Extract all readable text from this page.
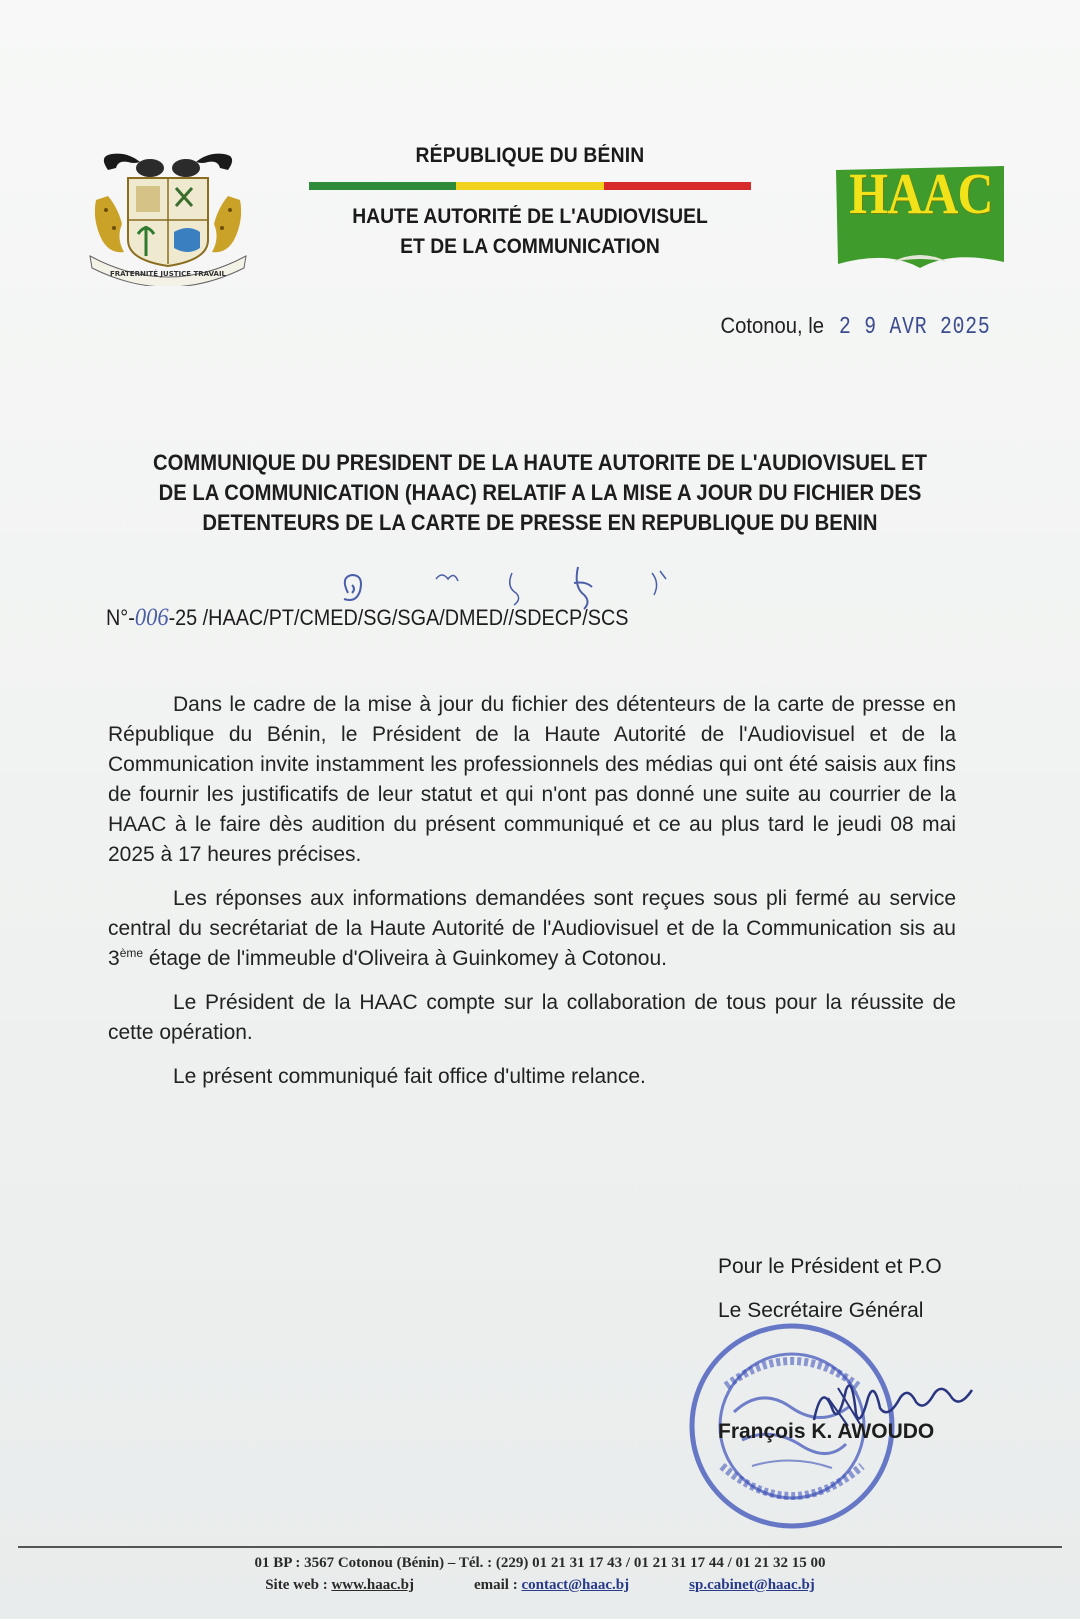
FRATERNITÉ JUSTICE TRAVAIL
RÉPUBLIQUE DU BÉNIN
HAUTE AUTORITÉ DE L'AUDIOVISUEL
ET DE LA COMMUNICATION
HAAC
Cotonou, le 2 9 AVR 2025
COMMUNIQUE DU PRESIDENT DE LA HAUTE AUTORITE DE L'AUDIOVISUEL ET
DE LA COMMUNICATION (HAAC) RELATIF A LA MISE A JOUR DU FICHIER DES
DETENTEURS DE LA CARTE DE PRESSE EN REPUBLIQUE DU BENIN
N°-006-25 /HAAC/PT/CMED/SG/SGA/DMED//SDECP/SCS

Dans le cadre de la mise à jour du fichier des détenteurs de la carte de presse en République du Bénin, le Président de la Haute Autorité de l'Audiovisuel et de la Communication invite instamment les professionnels des médias qui ont été saisis aux fins de fournir les justificatifs de leur statut et qui n'ont pas donné une suite au courrier de la HAAC à le faire dès audition du présent communiqué et ce au plus tard le jeudi 08 mai 2025 à 17 heures précises.

Les réponses aux informations demandées sont reçues sous pli fermé au service central du secrétariat de la Haute Autorité de l'Audiovisuel et de la Communication sis au 3ème étage de l'immeuble d'Oliveira à Guinkomey à Cotonou.

Le Président de la HAAC compte sur la collaboration de tous pour la réussite de cette opération.

Le présent communiqué fait office d'ultime relance.

Pour le Président et P.O
Le Secrétaire Général
François K. AWOUDO
01 BP : 3567 Cotonou (Bénin) – Tél. : (229) 01 21 31 17 43 / 01 21 31 17 44 / 01 21 32 15 00
Site web : www.haac.bj	email : contact@haac.bj	sp.cabinet@haac.bj
